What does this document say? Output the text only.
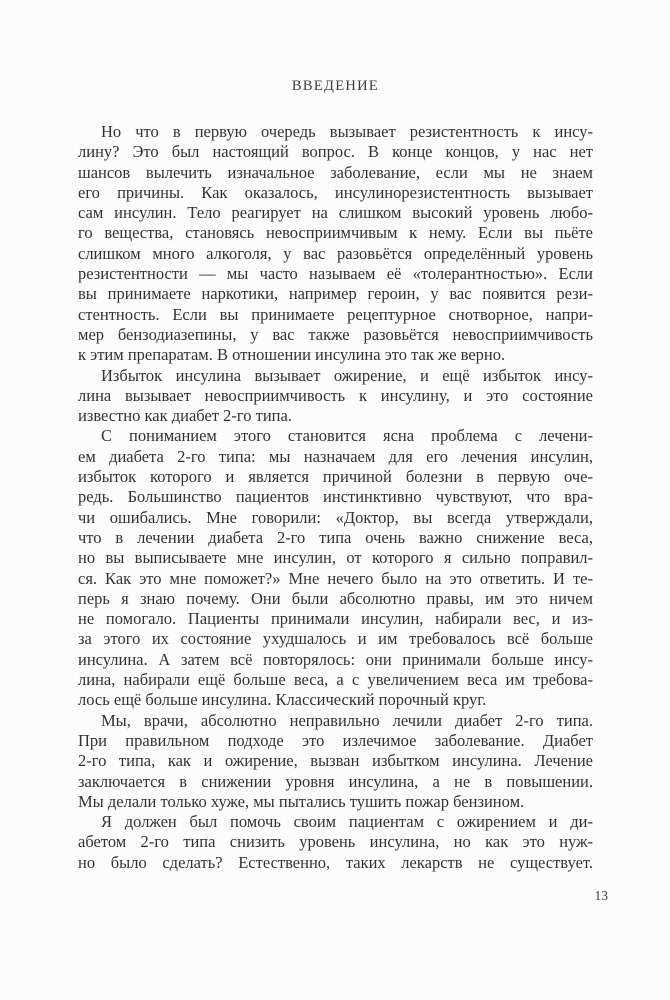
ВВЕДЕНИЕ

Но что в первую очередь вызывает резистентность к инсу-
лину? Это был настоящий вопрос. В конце концов, у нас нет
шансов вылечить изначальное заболевание, если мы не знаем
его причины. Как оказалось, инсулинорезистентность вызывает
сам инсулин. Тело реагирует на слишком высокий уровень любо-
го вещества, становясь невосприимчивым к нему. Если вы пьёте
слишком много алкоголя, у вас разовьётся определённый уровень
резистентности — мы часто называем её «толерантностью». Если
вы принимаете наркотики, например героин, у вас появится рези-
стентность. Если вы принимаете рецептурное снотворное, напри-
мер бензодиазепины, у вас также разовьётся невосприимчивость
к этим препаратам. В отношении инсулина это так же верно.

Избыток инсулина вызывает ожирение, и ещё избыток инсу-
лина вызывает невосприимчивость к инсулину, и это состояние
известно как диабет 2-го типа.

С пониманием этого становится ясна проблема с лечени-
ем диабета 2-го типа: мы назначаем для его лечения инсулин,
избыток которого и является причиной болезни в первую оче-
редь. Большинство пациентов инстинктивно чувствуют, что вра-
чи ошибались. Мне говорили: «Доктор, вы всегда утверждали,
что в лечении диабета 2-го типа очень важно снижение веса,
но вы выписываете мне инсулин, от которого я сильно поправил-
ся. Как это мне поможет?» Мне нечего было на это ответить. И те-
перь я знаю почему. Они были абсолютно правы, им это ничем
не помогало. Пациенты принимали инсулин, набирали вес, и из-
за этого их состояние ухудшалось и им требовалось всё больше
инсулина. А затем всё повторялось: они принимали больше инсу-
лина, набирали ещё больше веса, а с увеличением веса им требова-
лось ещё больше инсулина. Классический порочный круг.

Мы, врачи, абсолютно неправильно лечили диабет 2-го типа.
При правильном подходе это излечимое заболевание. Диабет
2-го типа, как и ожирение, вызван избытком инсулина. Лечение
заключается в снижении уровня инсулина, а не в повышении.
Мы делали только хуже, мы пытались тушить пожар бензином.

Я должен был помочь своим пациентам с ожирением и ди-
абетом 2-го типа снизить уровень инсулина, но как это нуж-
но было сделать? Естественно, таких лекарств не существует.

13
